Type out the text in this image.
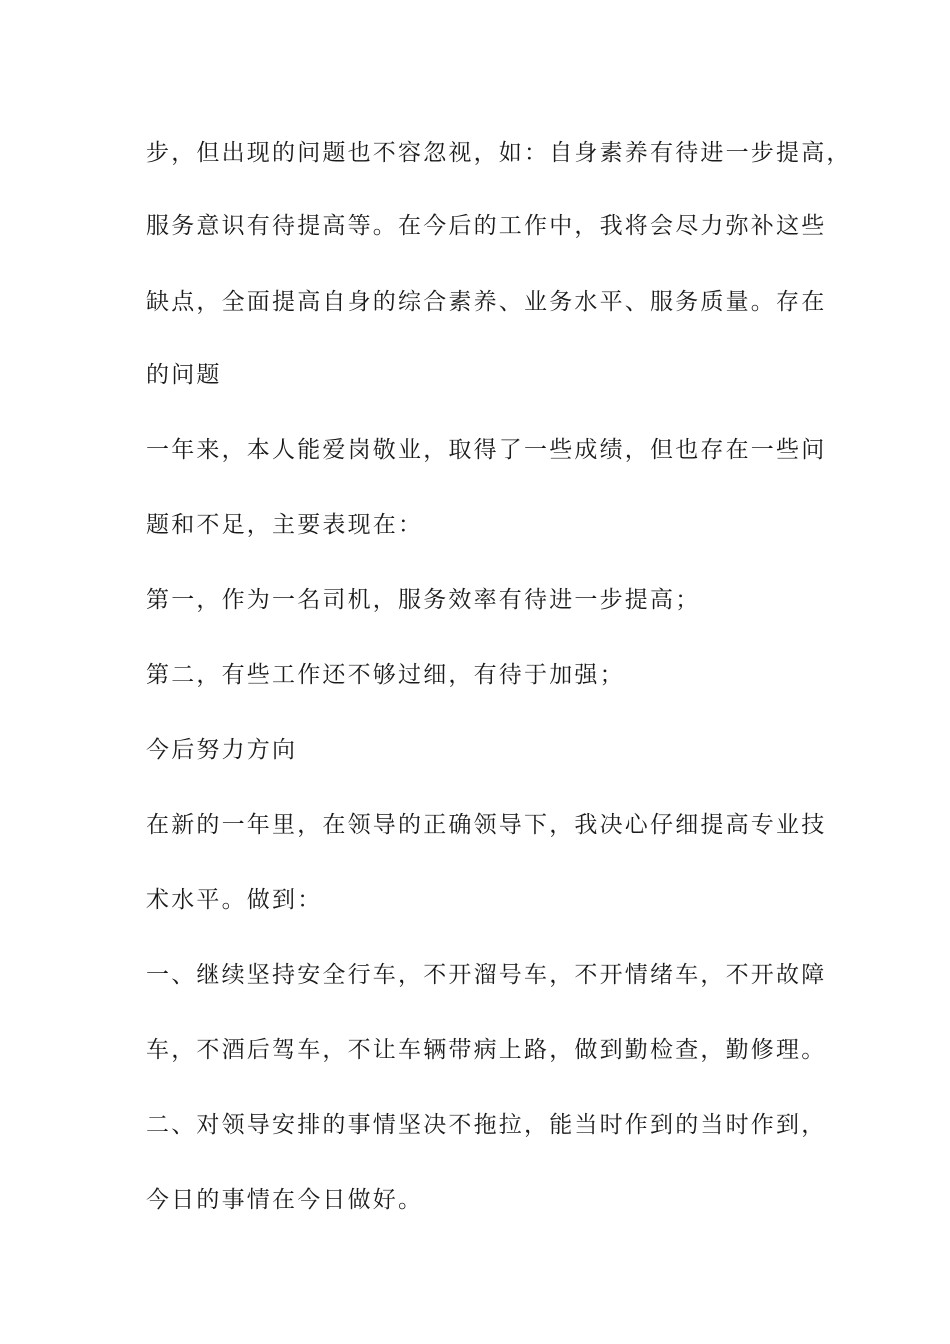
步，但出现的问题也不容忽视，如：自身素养有待进一步提高，
服务意识有待提高等。在今后的工作中，我将会尽力弥补这些
缺点，全面提高自身的综合素养、业务水平、服务质量。存在
的问题
一年来，本人能爱岗敬业，取得了一些成绩，但也存在一些问
题和不足，主要表现在：
第一，作为一名司机，服务效率有待进一步提高；
第二，有些工作还不够过细，有待于加强；
今后努力方向
在新的一年里，在领导的正确领导下，我决心仔细提高专业技
术水平。做到：
一、继续坚持安全行车，不开溜号车，不开情绪车，不开故障
车，不酒后驾车，不让车辆带病上路，做到勤检查，勤修理。
二、对领导安排的事情坚决不拖拉，能当时作到的当时作到，
今日的事情在今日做好。
